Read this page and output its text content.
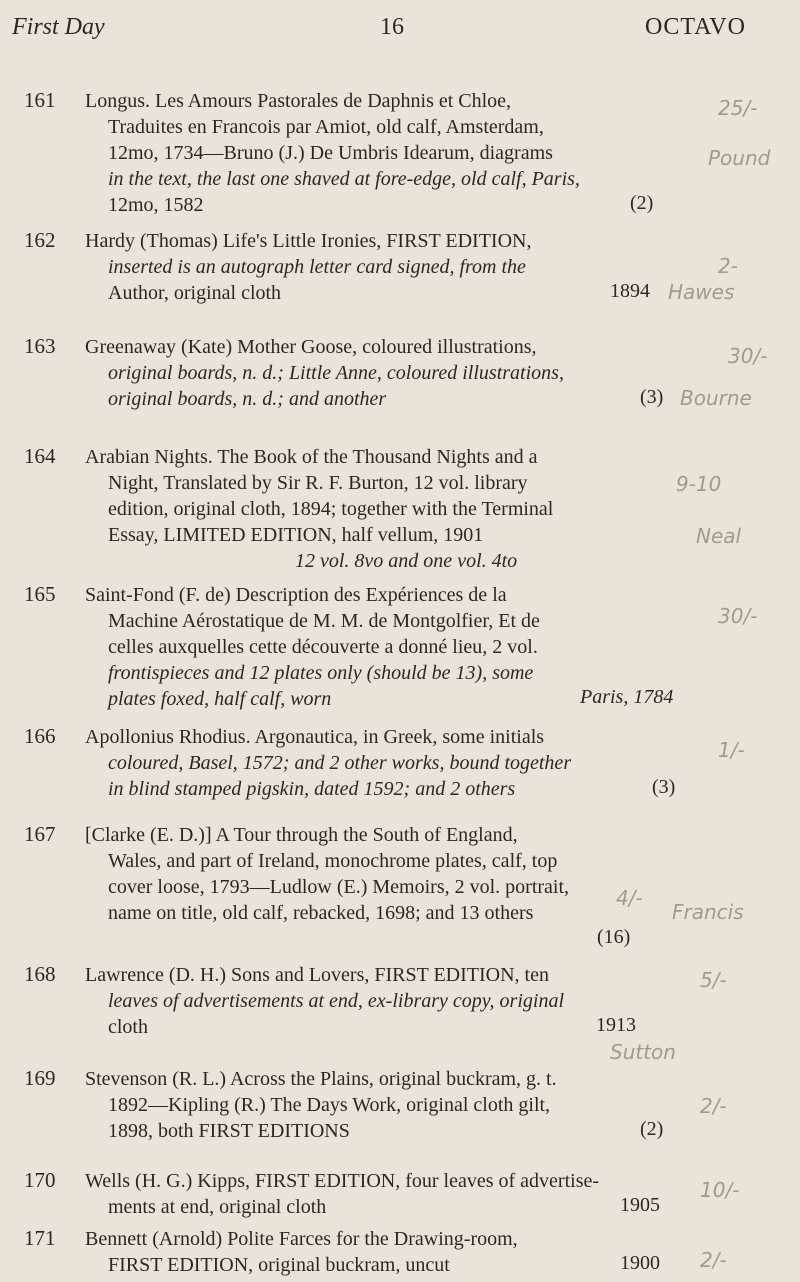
First Day	16	OCTAVO
161 Longus. Les Amours Pastorales de Daphnis et Chloe,
Traduites en Francois par Amiot, old calf, Amsterdam,
12mo, 1734—Bruno (J.) De Umbris Idearum, diagrams
in the text, the last one shaved at fore-edge, old calf, Paris,
12mo, 1582	(2)
25/-
Pound
162 Hardy (Thomas) Life's Little Ironies, FIRST EDITION,
inserted is an autograph letter card signed, from the
Author, original cloth	1894
2-
Hawes
163 Greenaway (Kate) Mother Goose, coloured illustrations,
original boards, n. d.; Little Anne, coloured illustrations,
original boards, n. d.; and another	(3)
30/-
Bourne
164 Arabian Nights. The Book of the Thousand Nights and a
Night, Translated by Sir R. F. Burton, 12 vol. library
edition, original cloth, 1894; together with the Terminal
Essay, LIMITED EDITION, half vellum, 1901
12 vol. 8vo and one vol. 4to
9-10
Neal
165 Saint-Fond (F. de) Description des Expériences de la
Machine Aérostatique de M. M. de Montgolfier, Et de
celles auxquelles cette découverte a donné lieu, 2 vol.
frontispieces and 12 plates only (should be 13), some
plates foxed, half calf, worn	Paris, 1784
30/-
166 Apollonius Rhodius. Argonautica, in Greek, some initials
coloured, Basel, 1572; and 2 other works, bound together
in blind stamped pigskin, dated 1592; and 2 others	(3)
1/-
167 [Clarke (E. D.)] A Tour through the South of England,
Wales, and part of Ireland, monochrome plates, calf, top
cover loose, 1793—Ludlow (E.) Memoirs, 2 vol. portrait,
name on title, old calf, rebacked, 1698; and 13 others
(16)
4/-
Francis
168 Lawrence (D. H.) Sons and Lovers, FIRST EDITION, ten
leaves of advertisements at end, ex-library copy, original
cloth	1913
5/-
Sutton
169 Stevenson (R. L.) Across the Plains, original buckram, g. t.
1892—Kipling (R.) The Days Work, original cloth gilt,
1898, both FIRST EDITIONS	(2)
2/-
170 Wells (H. G.) Kipps, FIRST EDITION, four leaves of advertise-
ments at end, original cloth	1905
10/-
171 Bennett (Arnold) Polite Farces for the Drawing-room,
FIRST EDITION, original buckram, uncut	1900 2/-
